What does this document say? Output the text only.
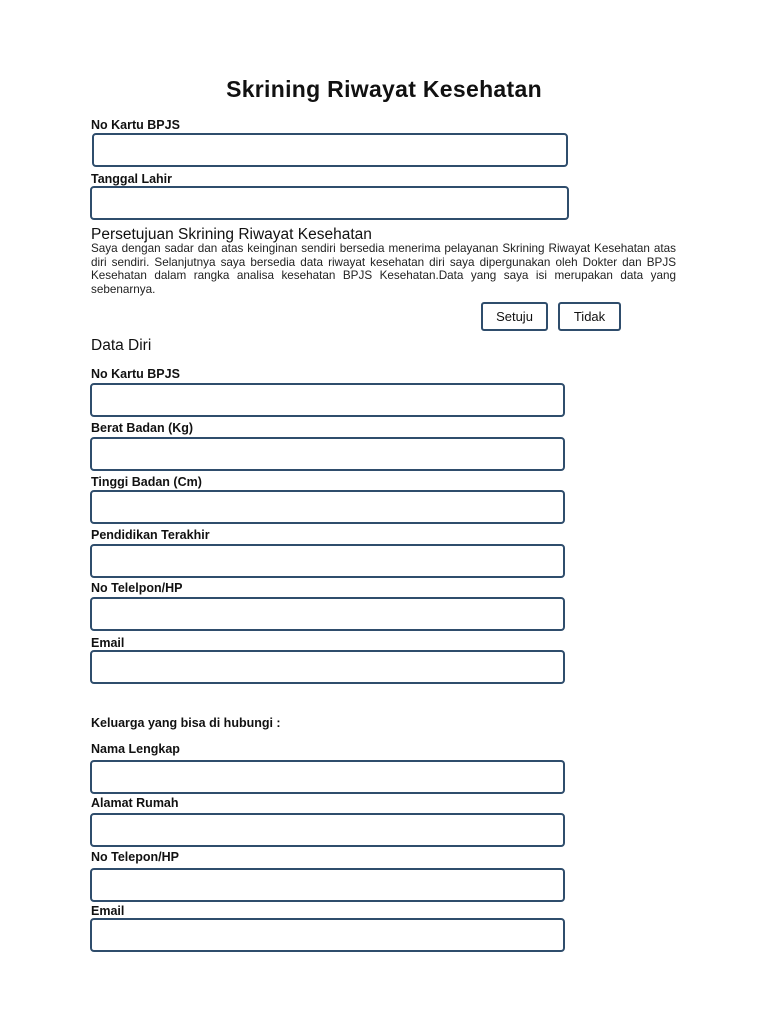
Skrining Riwayat Kesehatan
No Kartu BPJS
Tanggal Lahir
Persetujuan Skrining Riwayat Kesehatan
Saya dengan sadar dan atas keinginan sendiri bersedia menerima pelayanan Skrining Riwayat Kesehatan atas diri sendiri. Selanjutnya saya bersedia data riwayat kesehatan diri saya dipergunakan oleh Dokter dan BPJS Kesehatan dalam rangka analisa kesehatan BPJS Kesehatan.Data yang saya isi merupakan data yang sebenarnya.
Setuju	Tidak
Data Diri
No Kartu BPJS
Berat Badan (Kg)
Tinggi Badan (Cm)
Pendidikan Terakhir
No Telelpon/HP
Email
Keluarga yang bisa di hubungi :
Nama Lengkap
Alamat Rumah
No Telepon/HP
Email
